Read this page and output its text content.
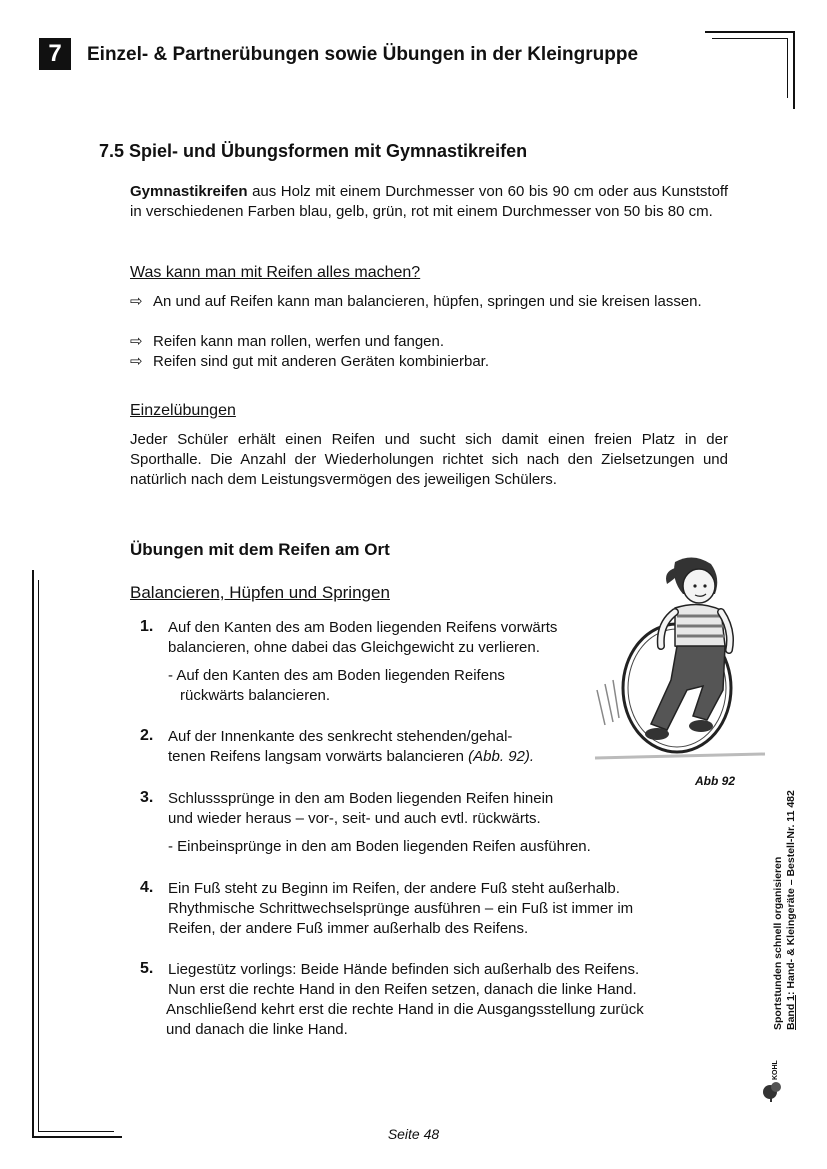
7	Einzel- & Partnerübungen sowie Übungen in der Kleingruppe
7.5 Spiel- und Übungsformen mit Gymnastikreifen
Gymnastikreifen aus Holz mit einem Durchmesser von 60 bis 90 cm oder aus Kunststoff in verschiedenen Farben blau, gelb, grün, rot mit einem Durchmesser von 50 bis 80 cm.
Was kann man mit Reifen alles machen?
⇨ An und auf Reifen kann man balancieren, hüpfen, springen und sie kreisen lassen.
⇨ Reifen kann man rollen, werfen und fangen.
⇨ Reifen sind gut mit anderen Geräten kombinierbar.
Einzelübungen
Jeder Schüler erhält einen Reifen und sucht sich damit einen freien Platz in der Sporthalle. Die Anzahl der Wiederholungen richtet sich nach den Zielsetzungen und natürlich nach dem Leistungsvermögen des jeweiligen Schülers.
Übungen mit dem Reifen am Ort
Balancieren, Hüpfen und Springen
1. Auf den Kanten des am Boden liegenden Reifens vorwärts
balancieren, ohne dabei das Gleichgewicht zu verlieren.
- Auf den Kanten des am Boden liegenden Reifens
rückwärts balancieren.
2. Auf der Innenkante des senkrecht stehenden/gehal-
tenen Reifens langsam vorwärts balancieren (Abb. 92).
3. Schlusssprünge in den am Boden liegenden Reifen hinein
und wieder heraus – vor-, seit- und auch evtl. rückwärts.
- Einbeinsprünge in den am Boden liegenden Reifen ausführen.
4. Ein Fuß steht zu Beginn im Reifen, der andere Fuß steht außerhalb.
Rhythmische Schrittwechselsprünge ausführen – ein Fuß ist immer im
Reifen, der andere Fuß immer außerhalb des Reifens.
5. Liegestütz vorlings: Beide Hände befinden sich außerhalb des Reifens.
Nun erst die rechte Hand in den Reifen setzen, danach die linke Hand.
Anschließend kehrt erst die rechte Hand in die Ausgangsstellung zurück
und danach die linke Hand.
Abb 92
Sportstunden schnell organisieren Band 1: Hand- & Kleingeräte – Bestell-Nr. 11 482
KOHL
Seite 48
